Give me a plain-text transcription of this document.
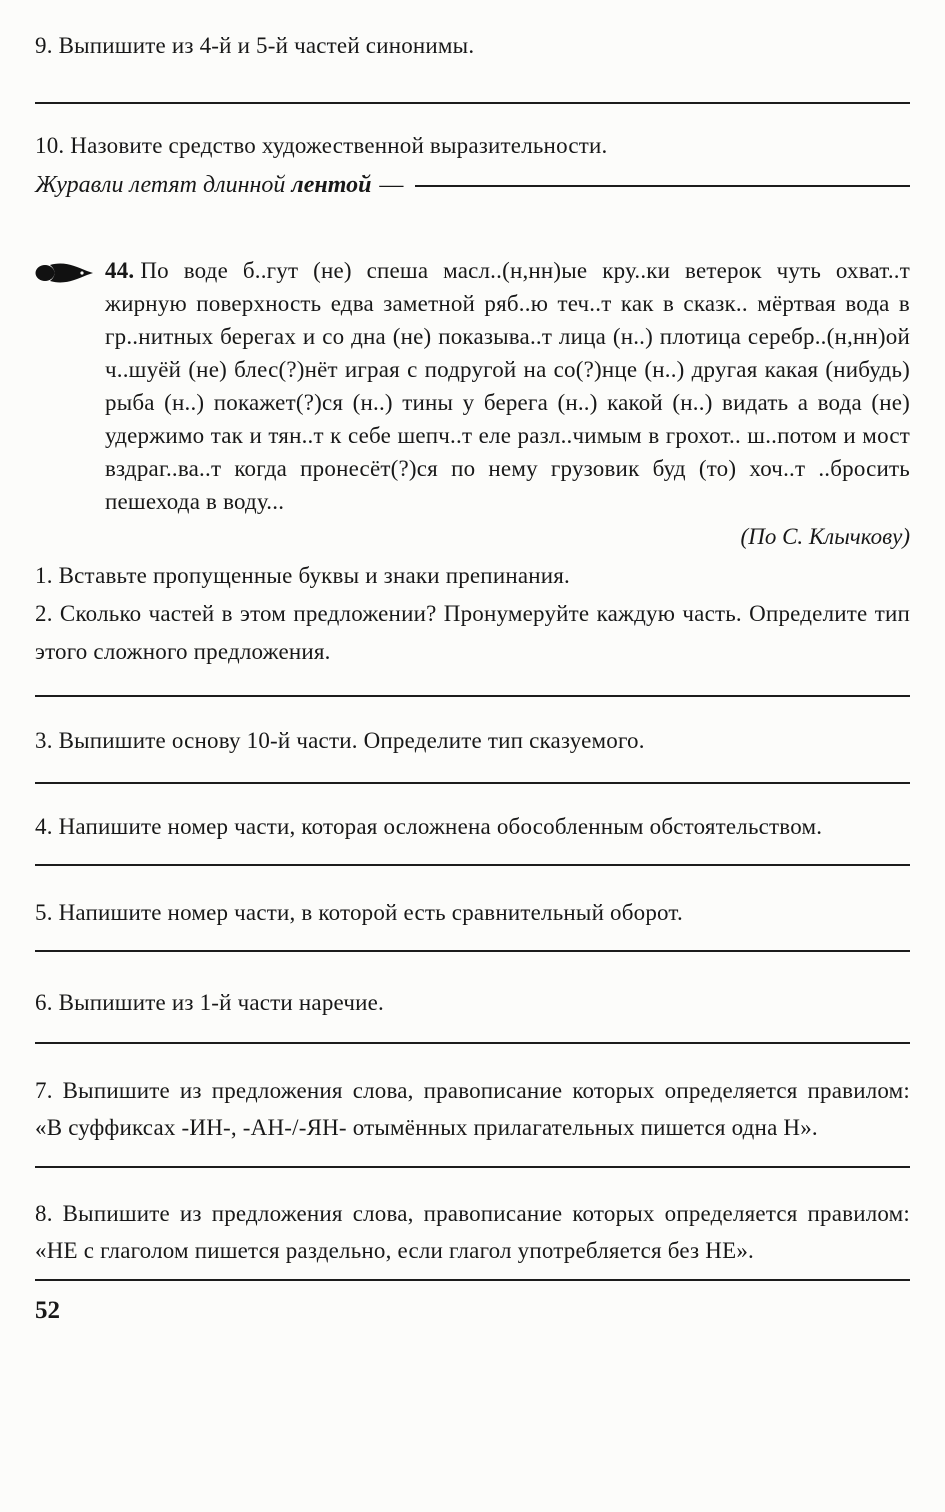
9. Выпишите из 4-й и 5-й частей синонимы.
10. Назовите средство художественной выразительности.
Журавли летят длинной
лентой —
44. По воде б..гут (не) спеша масл..(н,нн)ые кру..ки ветерок чуть охват..т жирную поверхность едва заметной ряб..ю теч..т как в сказк.. мёртвая вода в гр..нитных берегах и со дна (не) показыва..т лица (н..) плотица серебр..(н,нн)ой ч..шуёй (не) блес(?)нёт играя с подругой на со(?)нце (н..) другая какая (нибудь) рыба (н..) покажет(?)ся (н..) тины у берега (н..) какой (н..) видать а вода (не) удержимо так и тян..т к себе шепч..т еле разл..чимым в грохот.. ш..потом и мост вздраг..ва..т когда пронесёт(?)ся по нему грузовик буд (то) хоч..т ..бросить пешехода в воду...
(По С. Клычкову)
1. Вставьте пропущенные буквы и знаки препинания.
2. Сколько частей в этом предложении? Пронумеруйте каждую часть. Определите тип этого сложного предложения.
3. Выпишите основу 10-й части. Определите тип сказуемого.
4. Напишите номер части, которая осложнена обособленным обстоятельством.
5. Напишите номер части, в которой есть сравнительный оборот.
6. Выпишите из 1-й части наречие.
7. Выпишите из предложения слова, правописание которых определяется правилом: «В суффиксах -ИН-, -АН-/-ЯН- отымённых прилагательных пишется одна Н».
8. Выпишите из предложения слова, правописание которых определяется правилом: «НЕ с глаголом пишется раздельно, если глагол употребляется без НЕ».
52
